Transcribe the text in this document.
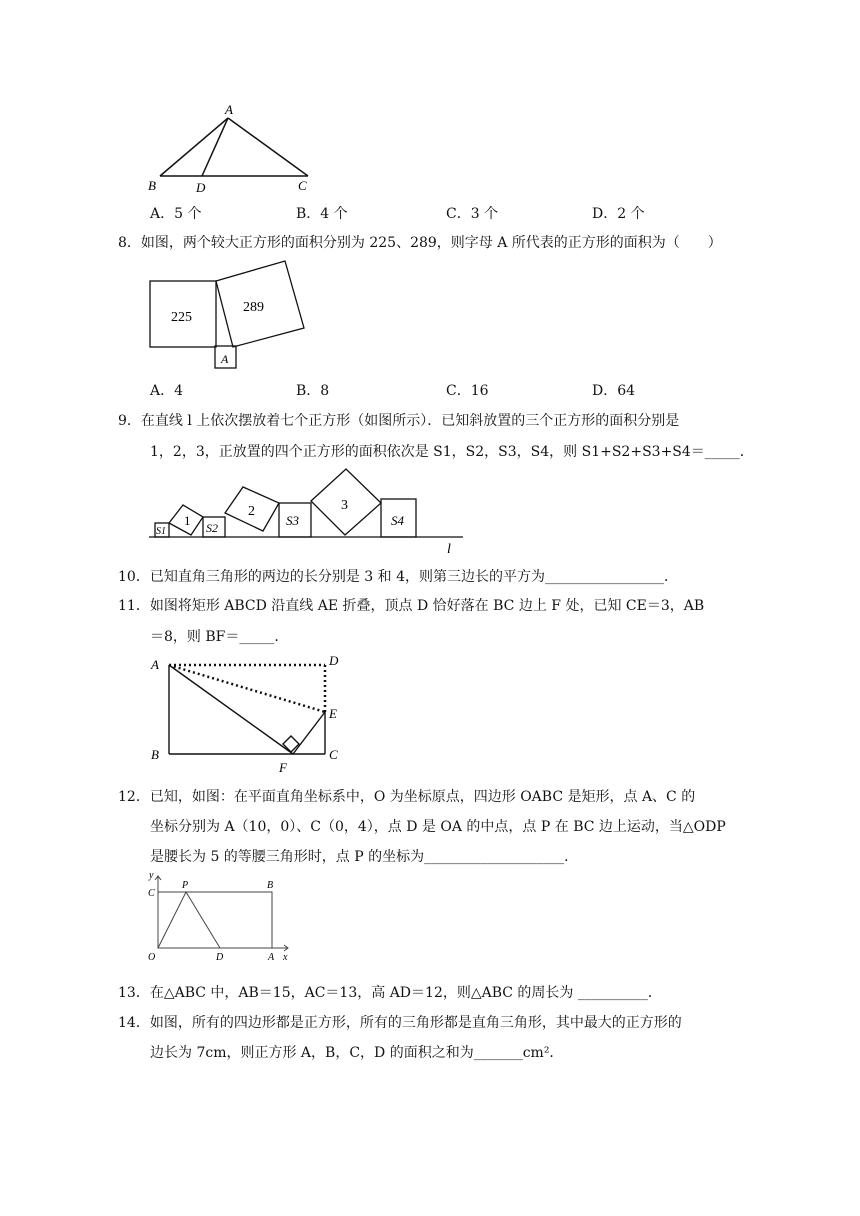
A
B	D	C
A．5 个	B．4 个	C．3 个	D．2 个
8．如图，两个较大正方形的面积分别为 225、289，则字母 A 所代表的正方形的面积为（　　）
225
289
A
A．4	B．8	C．16	D．64
9．在直线 l 上依次摆放着七个正方形（如图所示）．已知斜放置的三个正方形的面积分别是
1，2，3，正放置的四个正方形的面积依次是 S1，S2，S3，S4，则 S1+S2+S3+S4＝_____．
S1
1 S2
2
S3
3
S4
l
10．已知直角三角形的两边的长分别是 3 和 4，则第三边长的平方为_________________．
11．如图将矩形 ABCD 沿直线 AE 折叠，顶点 D 恰好落在 BC 边上 F 处，已知 CE＝3，AB
＝8，则 BF＝_____．
A	D
E
B	C
F
12．已知，如图：在平面直角坐标系中，O 为坐标原点，四边形 OABC 是矩形，点 A、C 的
坐标分别为 A（10，0）、C（0，4），点 D 是 OA 的中点，点 P 在 BC 边上运动，当△ODP
是腰长为 5 的等腰三角形时，点 P 的坐标为____________________．
y
C
P	B
O	D	A x
13．在△ABC 中，AB＝15，AC＝13，高 AD＝12，则△ABC 的周长为 __________．
14．如图，所有的四边形都是正方形，所有的三角形都是直角三角形，其中最大的正方形的
边长为 7cm，则正方形 A，B，C，D 的面积之和为_______cm²．
